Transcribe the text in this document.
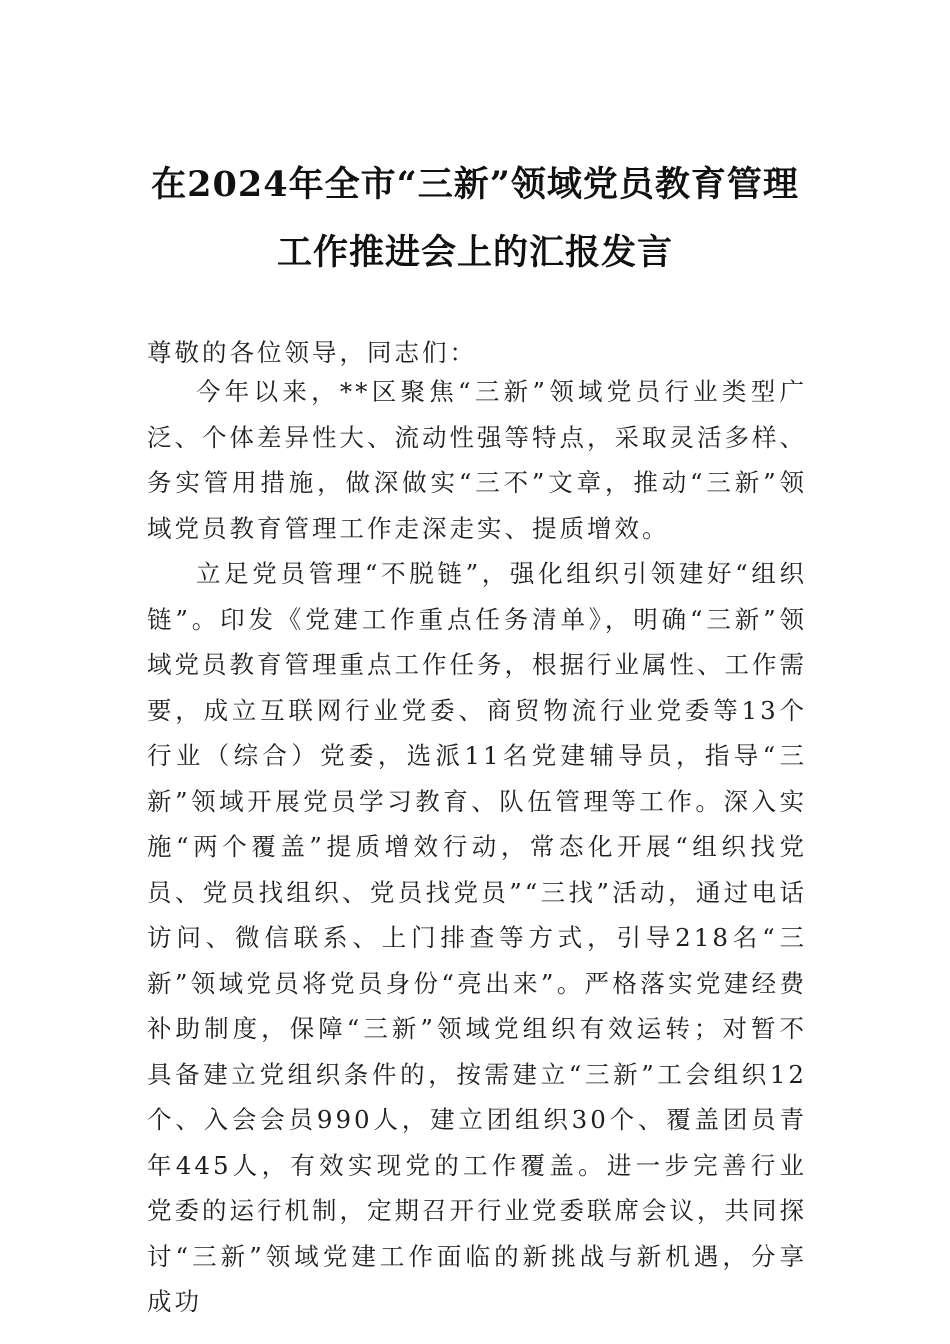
在2024年全市“三新”领域党员教育管理
工作推进会上的汇报发言
尊敬的各位领导，同志们：

今年以来，**区聚焦“三新”领域党员行业类型广泛、个体差异性大、流动性强等特点，采取灵活多样、务实管用措施，做深做实“三不”文章，推动“三新”领域党员教育管理工作走深走实、提质增效。

立足党员管理“不脱链”，强化组织引领建好“组织链”。印发《党建工作重点任务清单》，明确“三新”领域党员教育管理重点工作任务，根据行业属性、工作需要，成立互联网行业党委、商贸物流行业党委等13个行业（综合）党委，选派11名党建辅导员，指导“三新”领域开展党员学习教育、队伍管理等工作。深入实施“两个覆盖”提质增效行动，常态化开展“组织找党员、党员找组织、党员找党员”“三找”活动，通过电话访问、微信联系、上门排查等方式，引导218名“三新”领域党员将党员身份“亮出来”。严格落实党建经费补助制度，保障“三新”领域党组织有效运转；对暂不具备建立党组织条件的，按需建立“三新”工会组织12个、入会会员990人，建立团组织30个、覆盖团员青年445人，有效实现党的工作覆盖。进一步完善行业党委的运行机制，定期召开行业党委联席会议，共同探讨“三新”领域党建工作面临的新挑战与新机遇，分享成功
